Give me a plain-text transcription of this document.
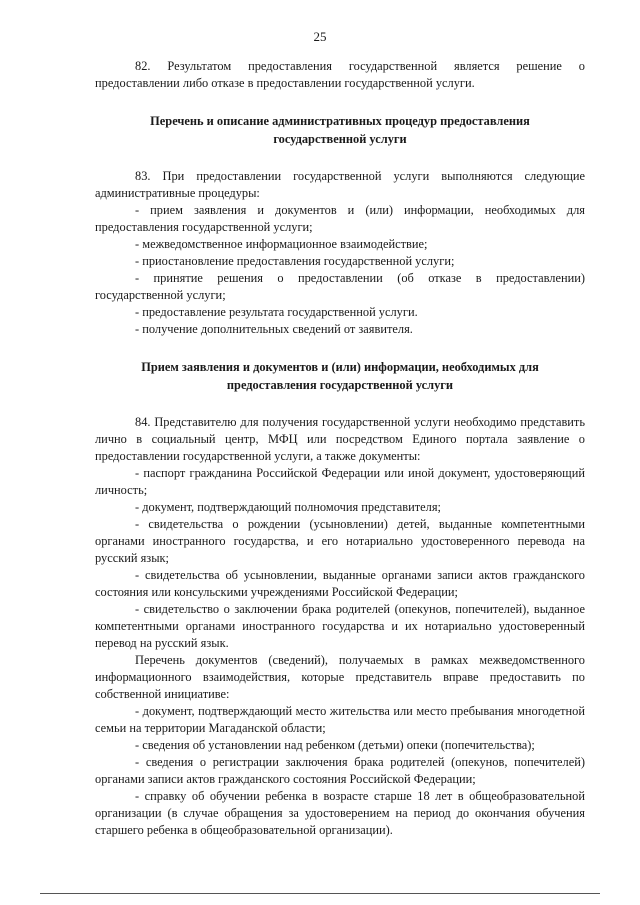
25

82. Результатом предоставления государственной является решение о предоставлении либо отказе в предоставлении государственной услуги.

Перечень и описание административных процедур предоставления государственной услуги

83. При предоставлении государственной услуги выполняются следующие административные процедуры:

- прием заявления и документов и (или) информации, необходимых для предоставления государственной услуги;

- межведомственное информационное взаимодействие;

- приостановление предоставления государственной услуги;

- принятие решения о предоставлении (об отказе в предоставлении) государственной услуги;

- предоставление результата государственной услуги.

- получение дополнительных сведений от заявителя.

Прием заявления и документов и (или) информации, необходимых для предоставления государственной услуги

84. Представителю для получения государственной услуги необходимо представить лично в социальный центр, МФЦ или посредством Единого портала заявление о предоставлении государственной услуги, а также документы:

- паспорт гражданина Российской Федерации или иной документ, удостоверяющий личность;

- документ, подтверждающий полномочия представителя;

- свидетельства о рождении (усыновлении) детей, выданные компетентными органами иностранного государства, и его нотариально удостоверенного перевода на русский язык;

- свидетельства об усыновлении, выданные органами записи актов гражданского состояния или консульскими учреждениями Российской Федерации;

- свидетельство о заключении брака родителей (опекунов, попечителей), выданное компетентными органами иностранного государства и их нотариально удостоверенный перевод на русский язык.

Перечень документов (сведений), получаемых в рамках межведомственного информационного взаимодействия, которые представитель вправе предоставить по собственной инициативе:

- документ, подтверждающий место жительства или место пребывания многодетной семьи на территории Магаданской области;

- сведения об установлении над ребенком (детьми) опеки (попечительства);

- сведения о регистрации заключения брака родителей (опекунов, попечителей) органами записи актов гражданского состояния Российской Федерации;

- справку об обучении ребенка в возрасте старше 18 лет в общеобразовательной организации (в случае обращения за удостоверением на период до окончания обучения старшего ребенка в общеобразовательной организации).
